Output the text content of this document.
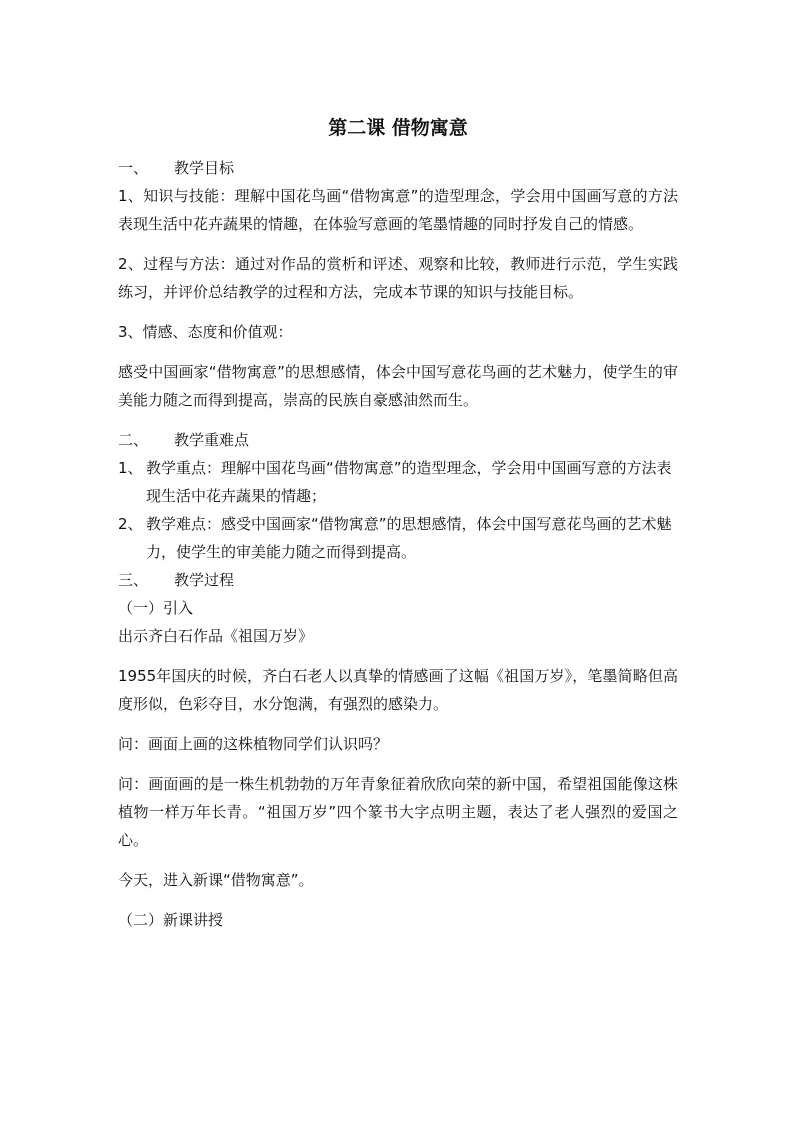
第二课 借物寓意
一、	教学目标

1、知识与技能：理解中国花鸟画“借物寓意”的造型理念，学会用中国画写意的方法表现生活中花卉蔬果的情趣，在体验写意画的笔墨情趣的同时抒发自己的情感。

2、过程与方法：通过对作品的赏析和评述、观察和比较，教师进行示范，学生实践练习，并评价总结教学的过程和方法，完成本节课的知识与技能目标。

3、情感、态度和价值观：

感受中国画家“借物寓意”的思想感情，体会中国写意花鸟画的艺术魅力，使学生的审美能力随之而得到提高，崇高的民族自豪感油然而生。

二、	教学重难点
1、 教学重点：理解中国花鸟画“借物寓意”的造型理念，学会用中国画写意的方法表现生活中花卉蔬果的情趣；
2、 教学难点：感受中国画家“借物寓意”的思想感情，体会中国写意花鸟画的艺术魅力，使学生的审美能力随之而得到提高。
三、	教学过程

（一）引入

出示齐白石作品《祖国万岁》

1955年国庆的时候，齐白石老人以真挚的情感画了这幅《祖国万岁》，笔墨简略但高度形似，色彩夺目，水分饱满，有强烈的感染力。

问：画面上画的这株植物同学们认识吗？

问：画面画的是一株生机勃勃的万年青象征着欣欣向荣的新中国，希望祖国能像这株植物一样万年长青。“祖国万岁”四个篆书大字点明主题，表达了老人强烈的爱国之心。

今天，进入新课“借物寓意”。

（二）新课讲授
